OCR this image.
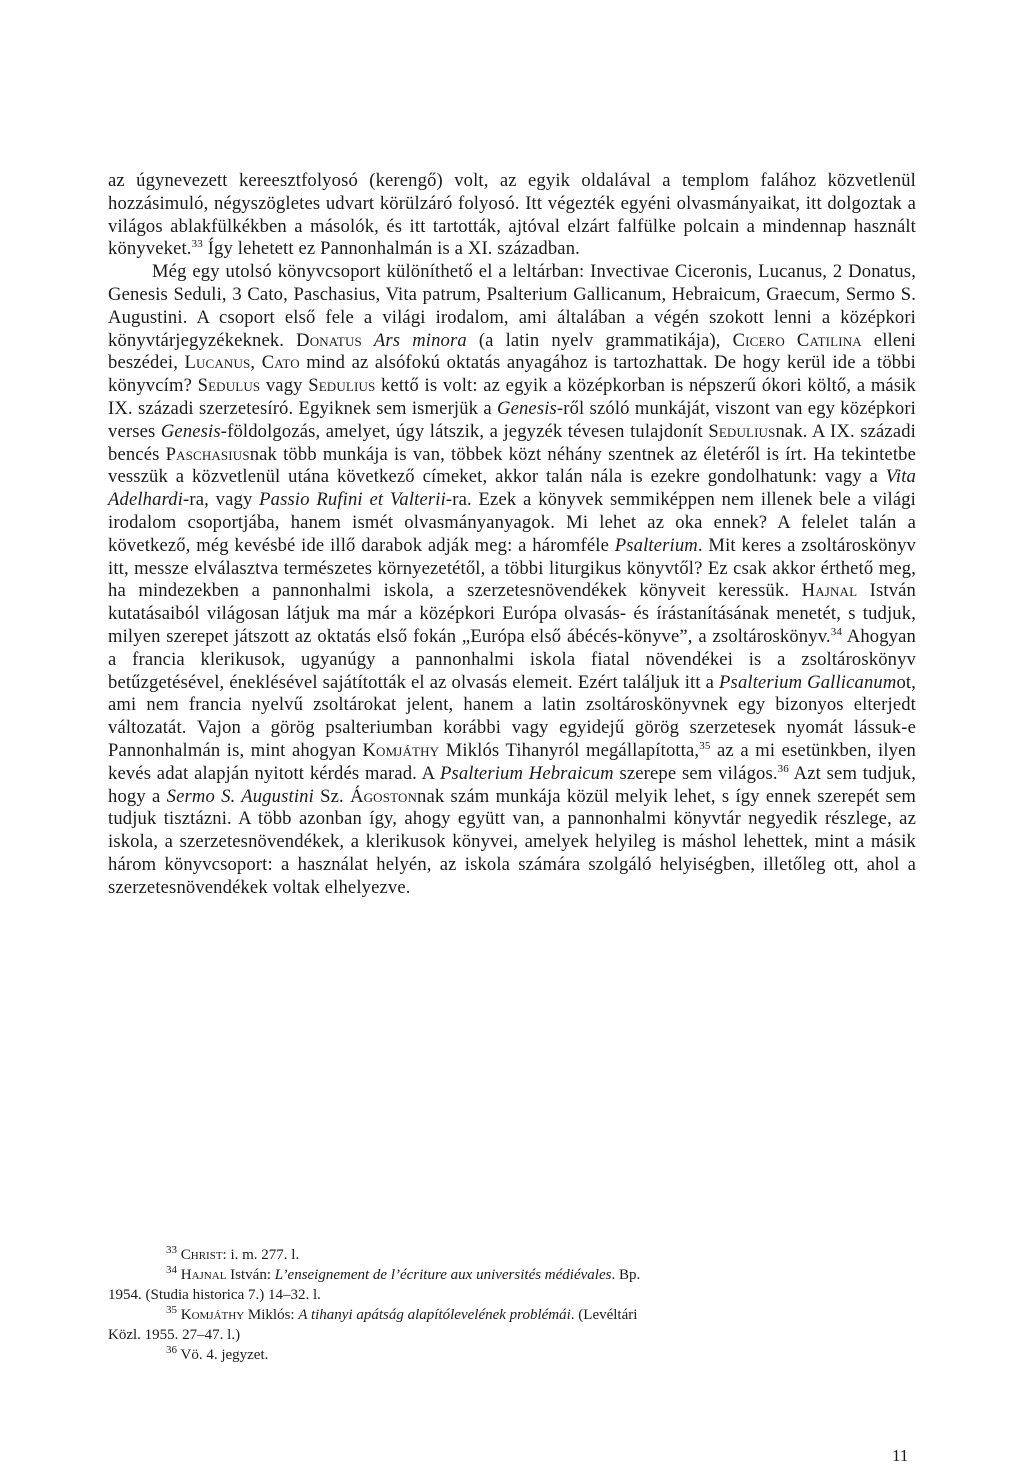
az úgynevezett kereesztfolyosó (kerengő) volt, az egyik oldalával a templom falához közvetlenül hozzásimuló, négyszögletes udvart körülzáró folyosó. Itt végezték egyéni olvasmányaikat, itt dolgoztak a világos ablakfülkékben a másolók, és itt tartották, ajtóval elzárt falfülke polcain a mindennap használt könyveket.$^{33}$ Így lehetett ez Pannonhalmán is a XI. században.

Még egy utolsó könyvcsoport különíthető el a leltárban: Invectivae Ciceronis, Lucanus, 2 Donatus, Genesis Seduli, 3 Cato, Paschasius, Vita patrum, Psalterium Gallicanum, Hebraicum, Graecum, Sermo S. Augustini. A csoport első fele a világi irodalom, ami általában a végén szokott lenni a középkori könyvtárjegyzékeknek. Donatus Ars minora (a latin nyelv grammatikája), Cicero Catilina elleni beszédei, Lucanus, Cato mind az alsófokú oktatás anyagához is tartozhattak. De hogy kerül ide a többi könyvcím? Sedulus vagy Sedulius kettő is volt: az egyik a középkorban is népszerű ókori költő, a másik IX. századi szerzetesíró. Egyiknek sem ismerjük a Genesis-ről szóló munkáját, viszont van egy középkori verses Genesis-földolgozás, amelyet, úgy látszik, a jegyzék tévesen tulajdonít Seduliusnak. A IX. századi bencés Paschasiusnak több munkája is van, többek közt néhány szentnek az életéről is írt. Ha tekintetbe vesszük a közvetlenül utána következő címeket, akkor talán nála is ezekre gondolhatunk: vagy a Vita Adelhardi-ra, vagy Passio Rufini et Valterii-ra. Ezek a könyvek semmiképpen nem illenek bele a világi irodalom csoportjába, hanem ismét olvasmányanyagok. Mi lehet az oka ennek? A felelet talán a következő, még kevésbé ide illő darabok adják meg: a háromféle Psalterium. Mit keres a zsoltároskönyv itt, messze elválasztva természetes környezetétől, a többi liturgikus könyvtől? Ez csak akkor érthető meg, ha mindezekben a pannonhalmi iskola, a szerzetesnövendékek könyveit keressük. Hajnal István kutatásaiból világosan látjuk ma már a középkori Európa olvasás- és írástanításának menetét, s tudjuk, milyen szerepet játszott az oktatás első fokán „Európa első ábécés-könyve”, a zsoltároskönyv.$^{34}$ Ahogyan a francia klerikusok, ugyanúgy a pannonhalmi iskola fiatal növendékei is a zsoltároskönyv betűzgetésével, éneklésével sajátították el az olvasás elemeit. Ezért találjuk itt a Psalterium Gallicanumot, ami nem francia nyelvű zsoltárokat jelent, hanem a latin zsoltároskönyvnek egy bizonyos elterjedt változatát. Vajon a görög psalteriumban korábbi vagy egyidejű görög szerzetesek nyomát lássuk-e Pannonhalmán is, mint ahogyan Komjáthy Miklós Tihanyról megállapította,$^{35}$ az a mi esetünkben, ilyen kevés adat alapján nyitott kérdés marad. A Psalterium Hebraicum szerepe sem világos.$^{36}$ Azt sem tudjuk, hogy a Sermo S. Augustini Sz. Ágostonnak szám munkája közül melyik lehet, s így ennek szerepét sem tudjuk tisztázni. A több azonban így, ahogy együtt van, a pannonhalmi könyvtár negyedik részlege, az iskola, a szerzetesnövendékek, a klerikusok könyvei, amelyek helyileg is máshol lehettek, mint a másik három könyvcsoport: a használat helyén, az iskola számára szolgáló helyiségben, illetőleg ott, ahol a szerzetesnövendékek voltak elhelyezve.

$^{33}$ Christ: i. m. 277. l.

$^{34}$ Hajnal István: L’enseignement de l’écriture aux universités médiévales. Bp.

1954. (Studia historica 7.) 14–32. l.

$^{35}$ Komjáthy Miklós: A tihanyi apátság alapítólevelének problémái. (Levéltári

Közl. 1955. 27–47. l.)

$^{36}$ Vö. 4. jegyzet.

11
